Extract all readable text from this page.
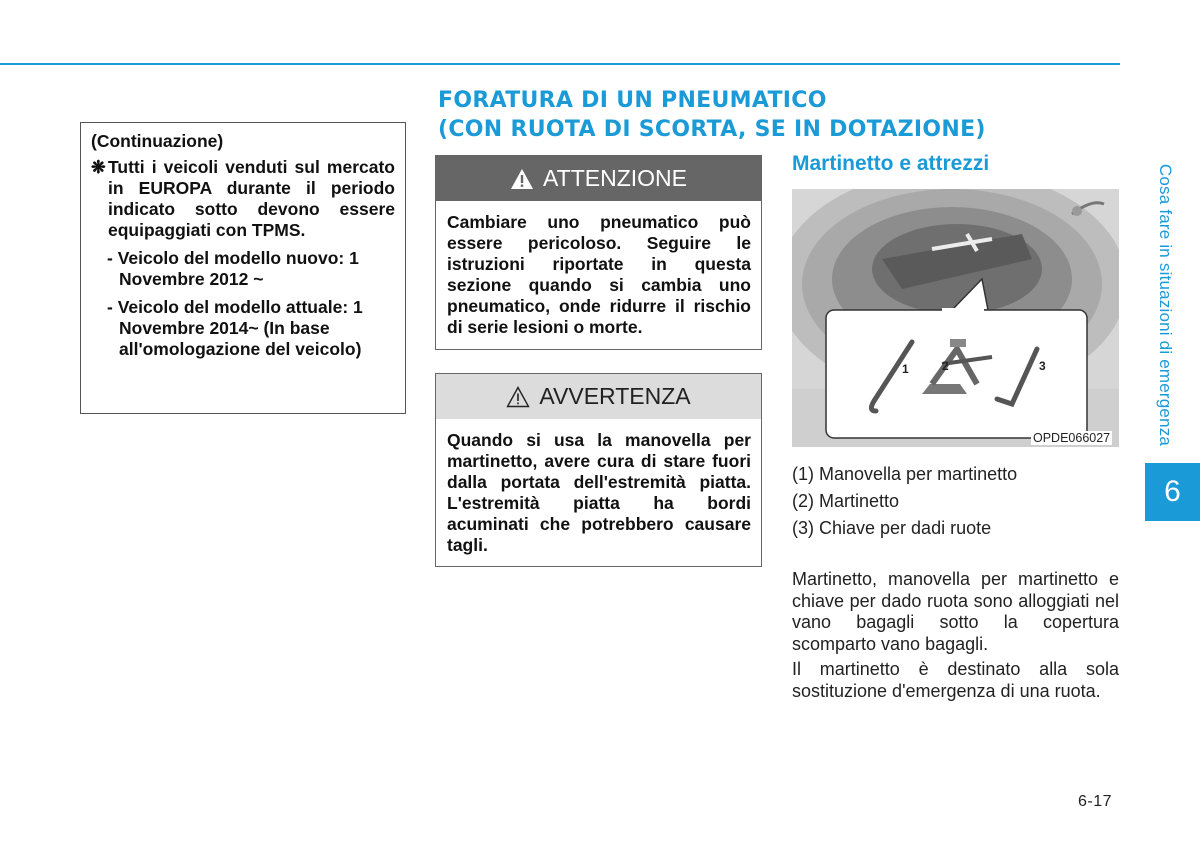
(Continuazione)
❋ Tutti i veicoli venduti sul mercato in EUROPA durante il periodo indicato sotto devono essere equipaggiati con TPMS.
- Veicolo del modello nuovo: 1 Novembre 2012 ~
- Veicolo del modello attuale: 1 Novembre 2014~ (In base all'omologazione del veicolo)
FORATURA DI UN PNEUMATICO
(CON RUOTA DI SCORTA, SE IN DOTAZIONE)
ATTENZIONE
Cambiare uno pneumatico può essere pericoloso. Seguire le istruzioni riportate in questa sezione quando si cambia uno pneumatico, onde ridurre il rischio di serie lesioni o morte.
AVVERTENZA
Quando si usa la manovella per martinetto, avere cura di stare fuori dalla portata dell'estremità piatta. L'estremità piatta ha bordi acuminati che potrebbero causare tagli.
Martinetto e attrezzi
1	2	3
OPDE066027
(1) Manovella per martinetto
(2) Martinetto
(3) Chiave per dadi ruote
Martinetto, manovella per martinetto e chiave per dado ruota sono alloggiati nel vano bagagli sotto la copertura scomparto vano bagagli.
Il martinetto è destinato alla sola sostituzione d'emergenza di una ruota.
Cosa fare in situazioni di emergenza
6
6-17
